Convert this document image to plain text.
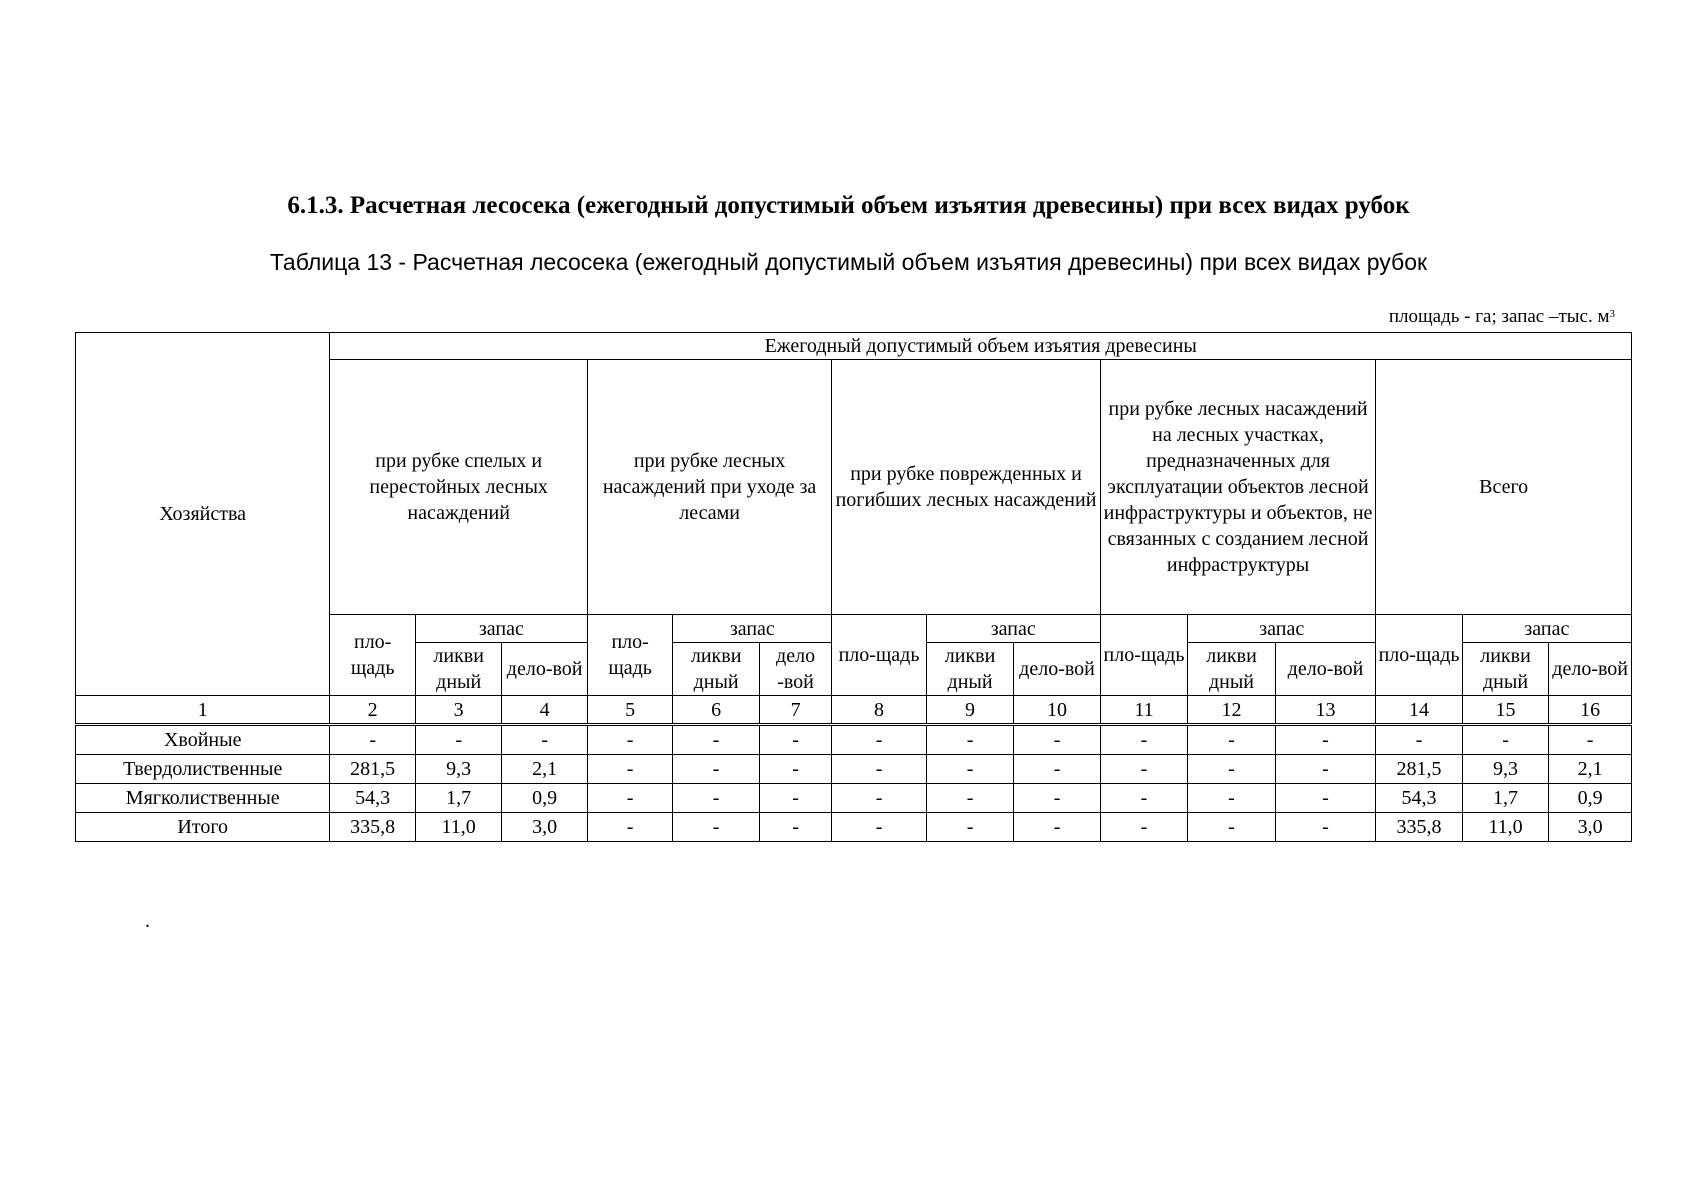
6.1.3. Расчетная лесосека (ежегодный допустимый объем изъятия древесины) при всех видах рубок
Таблица 13 - Расчетная лесосека (ежегодный допустимый объем изъятия древесины) при всех видах рубок
площадь - га; запас –тыс. $м^3$
Хозяйства	Ежегодный допустимый объем изъятия древесины														
	при рубке спелых и перестойных лесных насаждений			при рубке лесных насаждений при уходе за лесами			при рубке поврежденных и погибших лесных насаждений			при рубке лесных насаждений на лесных участках, предназначенных для эксплуатации объектов лесной инфраструктуры и объектов, не связанных с созданием лесной инфраструктуры			Всего		
	пло-щадь	запас		пло-щадь	запас		пло-щадь	запас		пло-щадь	запас		пло-щадь	запас	
		ликви дный	дело-вой		ликви дный	дело -вой		ликви дный	дело-вой		ликви дный	дело-вой		ликви дный	дело-вой
1	2	3	4	5	6	7	8	9	10	11	12	13	14	15	16
Хвойные	-	-	-	-	-	-	-	-	-	-	-	-	-	-	-
Твердолиственные	281,5	9,3	2,1	-	-	-	-	-	-	-	-	-	281,5	9,3	2,1
Мягколиственные	54,3	1,7	0,9	-	-	-	-	-	-	-	-	-	54,3	1,7	0,9
Итого	335,8	11,0	3,0	-	-	-	-	-	-	-	-	-	335,8	11,0	3,0
.
